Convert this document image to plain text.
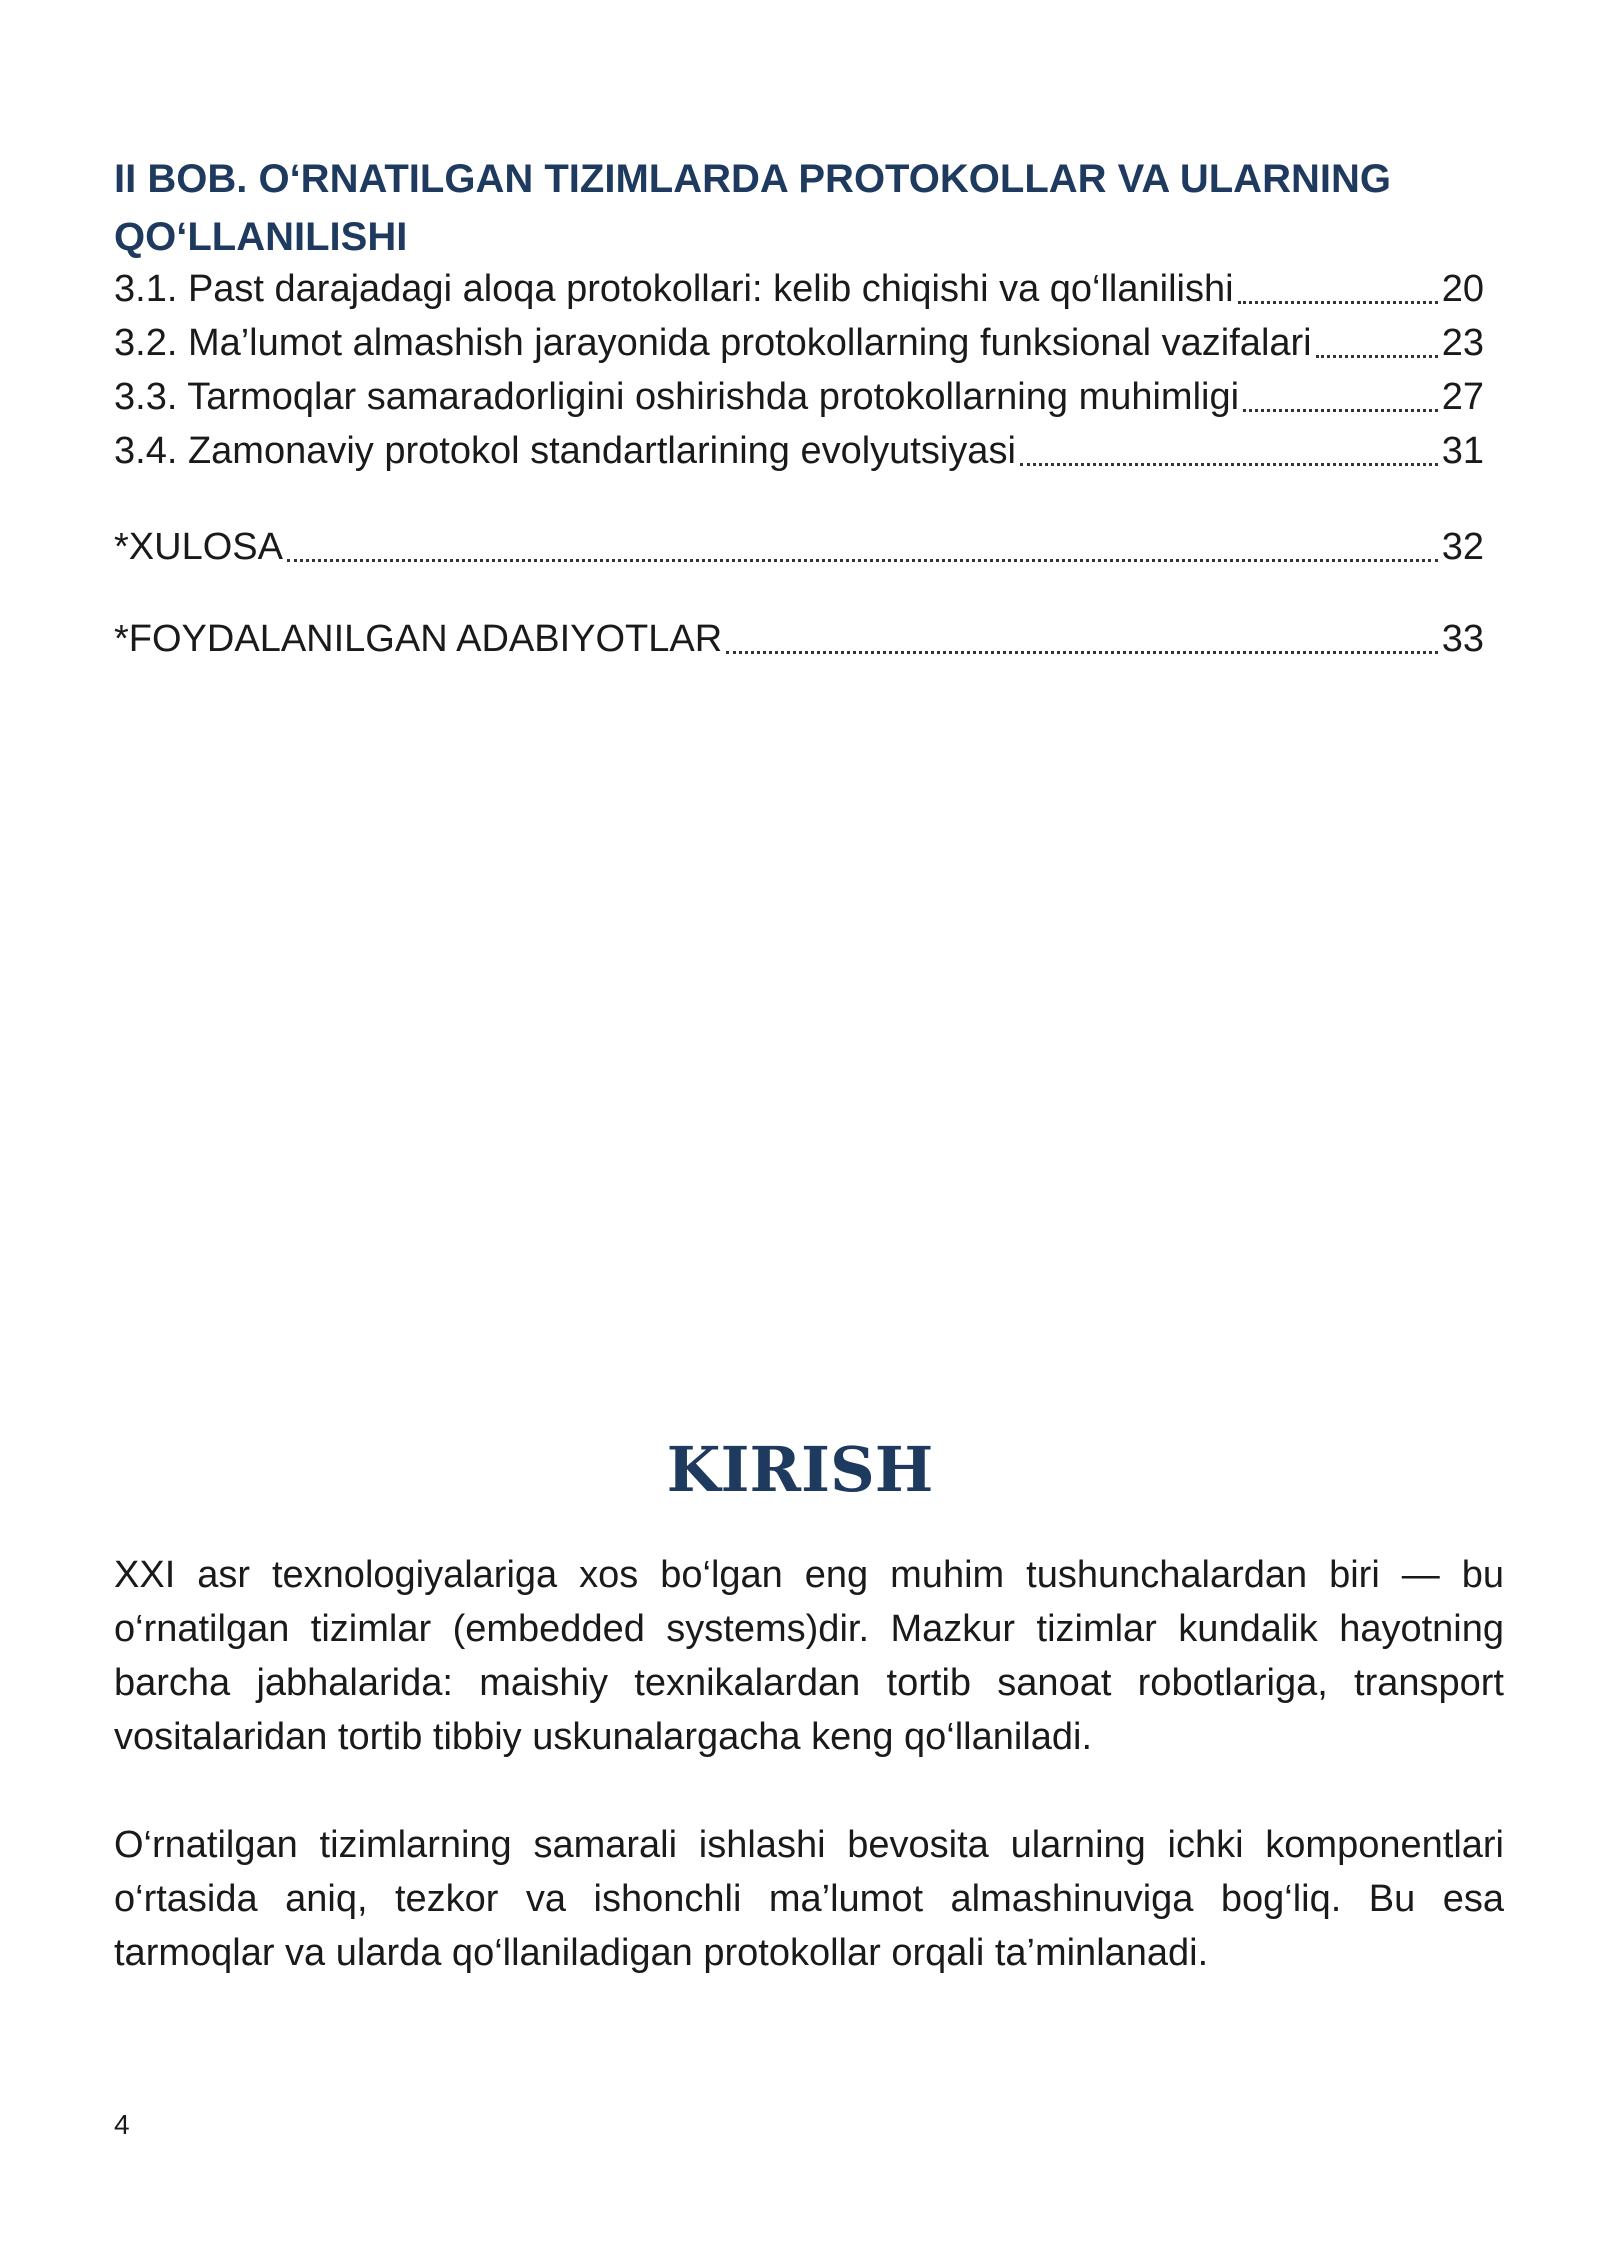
II BOB. O‘RNATILGAN TIZIMLARDA PROTOKOLLAR VA ULARNING QO‘LLANILISHI
3.1. Past darajadagi aloqa protokollari: kelib chiqishi va qo‘llanilishi	20
3.2. Ma’lumot almashish jarayonida protokollarning funksional vazifalari	23
3.3. Tarmoqlar samaradorligini oshirishda protokollarning muhimligi	27
3.4. Zamonaviy protokol standartlarining evolyutsiyasi	31
*XULOSA	32
*FOYDALANILGAN ADABIYOTLAR	33
KIRISH

XXI asr texnologiyalariga xos bo‘lgan eng muhim tushunchalardan biri — bu o‘rnatilgan tizimlar (embedded systems)dir. Mazkur tizimlar kundalik hayotning barcha jabhalarida: maishiy texnikalardan tortib sanoat robotlariga, transport vositalaridan tortib tibbiy uskunalargacha keng qo‘llaniladi.

O‘rnatilgan tizimlarning samarali ishlashi bevosita ularning ichki komponentlari o‘rtasida aniq, tezkor va ishonchli ma’lumot almashinuviga bog‘liq. Bu esa tarmoqlar va ularda qo‘llaniladigan protokollar orqali ta’minlanadi.

4
